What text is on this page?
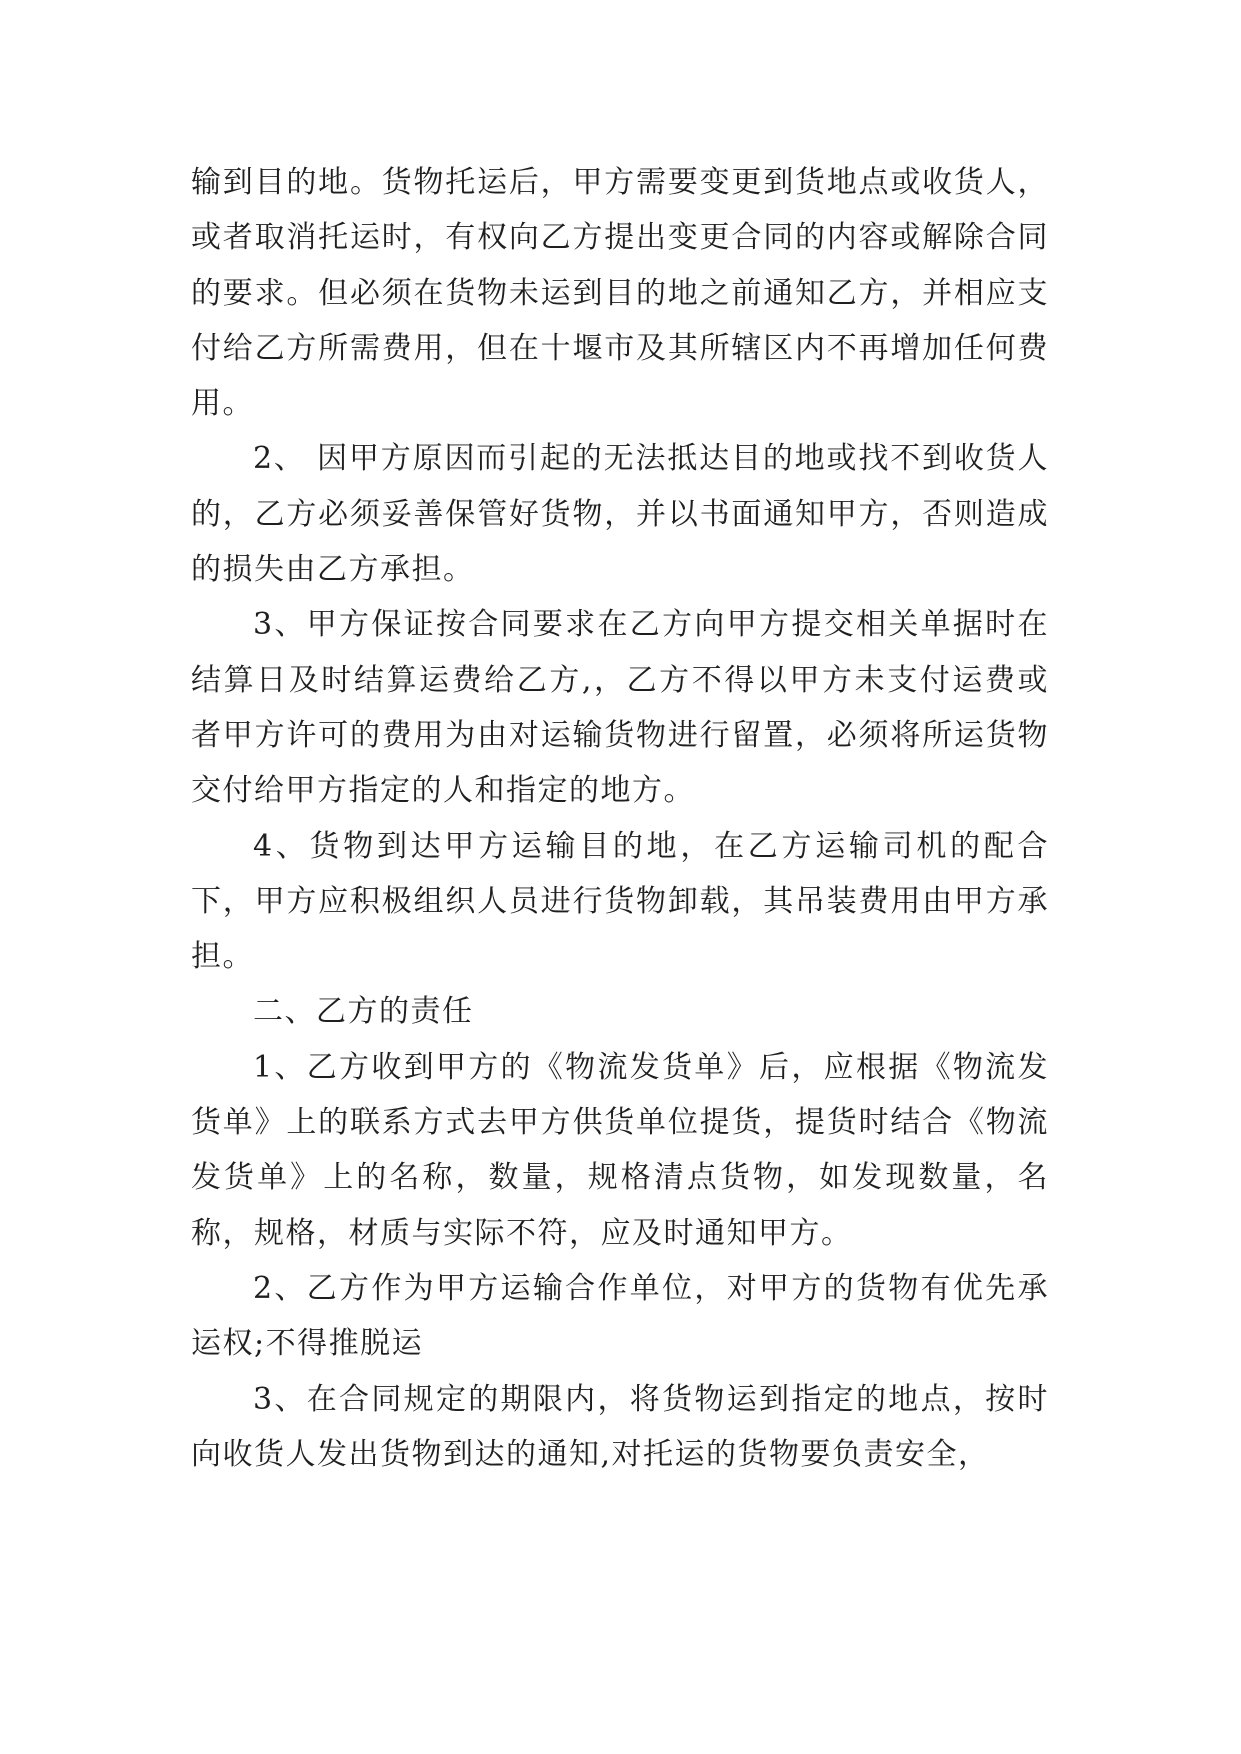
输到目的地。货物托运后，甲方需要变更到货地点或收货人，或者取消托运时，有权向乙方提出变更合同的内容或解除合同的要求。但必须在货物未运到目的地之前通知乙方，并相应支付给乙方所需费用，但在十堰市及其所辖区内不再增加任何费用。

2、 因甲方原因而引起的无法抵达目的地或找不到收货人的，乙方必须妥善保管好货物，并以书面通知甲方，否则造成的损失由乙方承担。

3、甲方保证按合同要求在乙方向甲方提交相关单据时在结算日及时结算运费给乙方,，乙方不得以甲方未支付运费或者甲方许可的费用为由对运输货物进行留置，必须将所运货物交付给甲方指定的人和指定的地方。

4、货物到达甲方运输目的地，在乙方运输司机的配合下，甲方应积极组织人员进行货物卸载，其吊装费用由甲方承担。

二、乙方的责任

1、乙方收到甲方的《物流发货单》后，应根据《物流发货单》上的联系方式去甲方供货单位提货，提货时结合《物流发货单》上的名称，数量，规格清点货物，如发现数量，名称，规格，材质与实际不符，应及时通知甲方。

2、乙方作为甲方运输合作单位，对甲方的货物有优先承运权;不得推脱运

3、在合同规定的期限内，将货物运到指定的地点，按时向收货人发出货物到达的通知,对托运的货物要负责安全，
